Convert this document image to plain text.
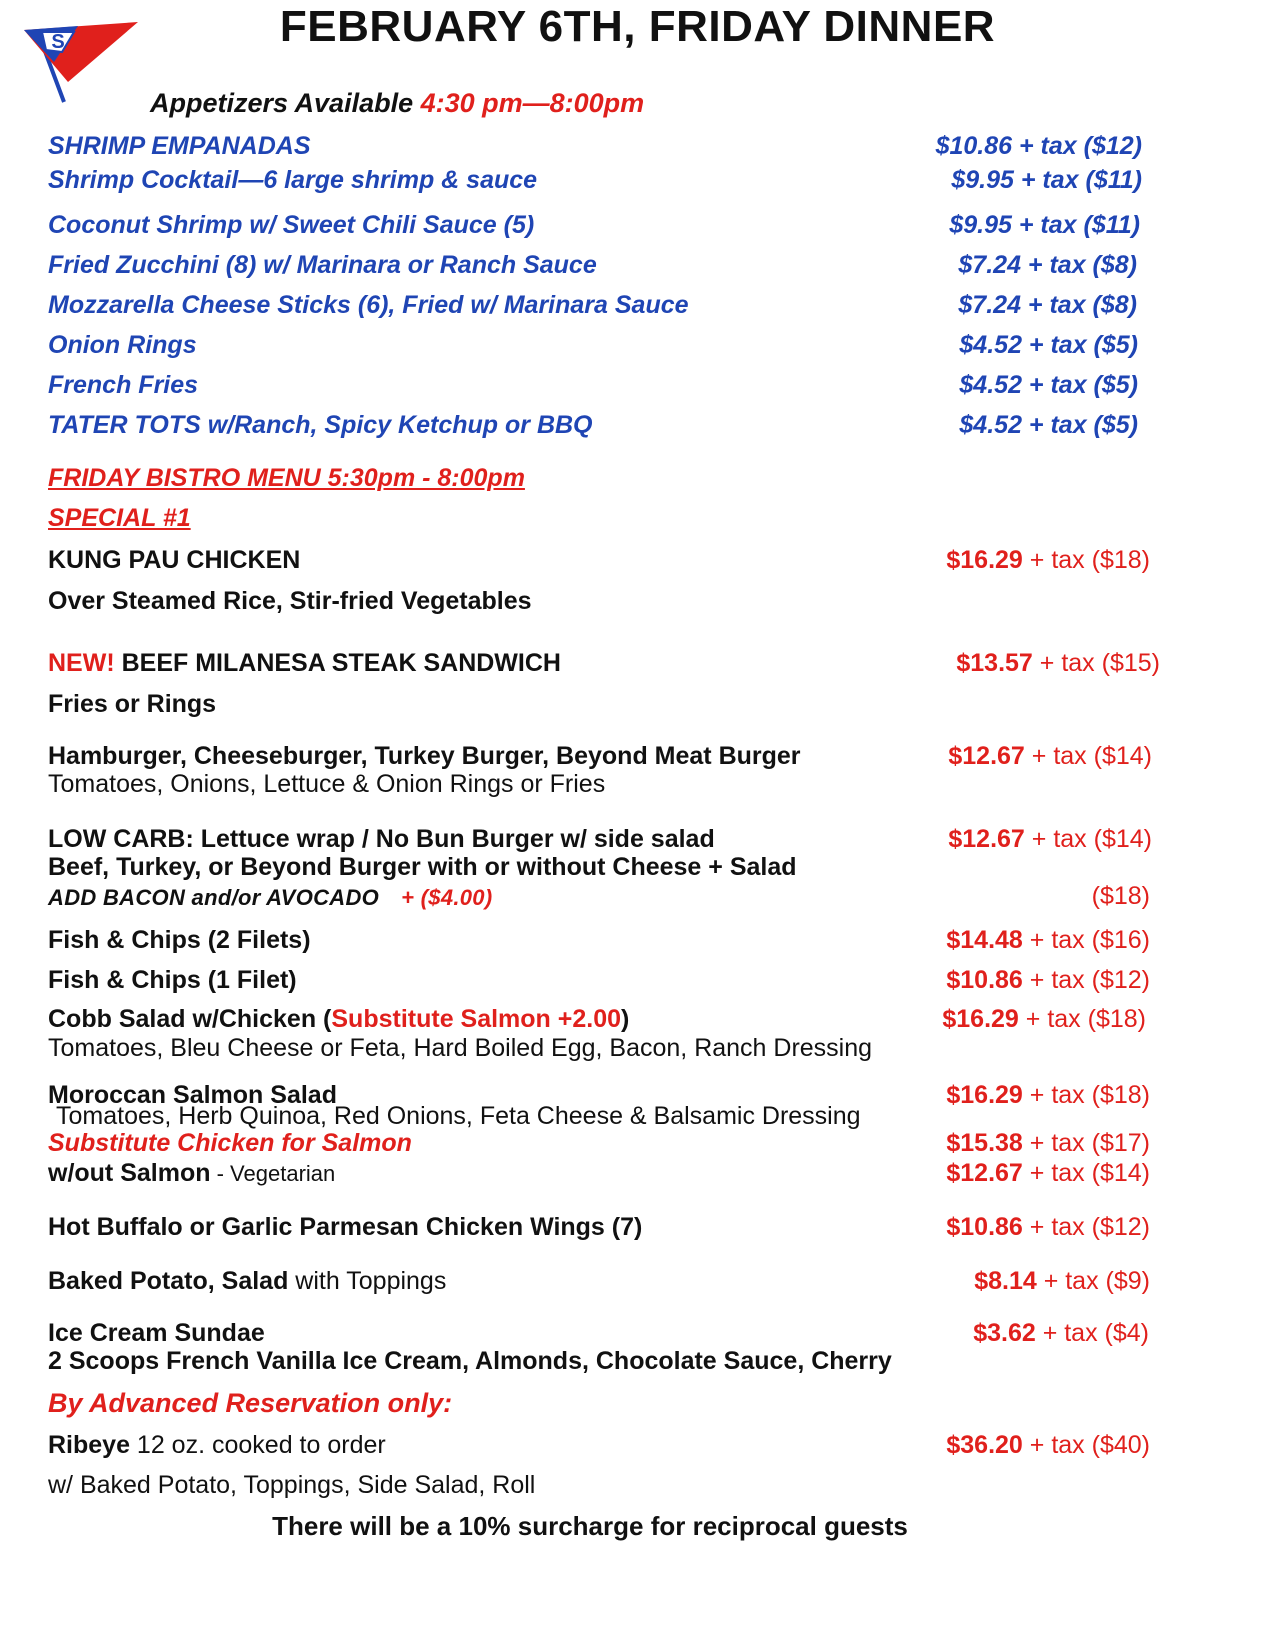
S	FEBRUARY 6TH, FRIDAY DINNER
Appetizers Available 4:30 pm—8:00pm
SHRIMP EMPANADAS	$10.86 + tax ($12)
Shrimp Cocktail—6 large shrimp & sauce	$9.95 + tax ($11)
Coconut Shrimp w/ Sweet Chili Sauce (5)	$9.95 + tax ($11)
Fried Zucchini (8) w/ Marinara or Ranch Sauce	$7.24 + tax ($8)
Mozzarella Cheese Sticks (6), Fried w/ Marinara Sauce	$7.24 + tax ($8)
Onion Rings	$4.52 + tax ($5)
French Fries	$4.52 + tax ($5)
TATER TOTS w/Ranch, Spicy Ketchup or BBQ	$4.52 + tax ($5)
FRIDAY BISTRO MENU 5:30pm - 8:00pm
SPECIAL #1
KUNG PAU CHICKEN	$16.29 + tax ($18)
Over Steamed Rice, Stir-fried Vegetables
NEW! BEEF MILANESA STEAK SANDWICH	$13.57 + tax ($15)
Fries or Rings
Hamburger, Cheeseburger, Turkey Burger, Beyond Meat Burger	$12.67 + tax ($14)
Tomatoes, Onions, Lettuce & Onion Rings or Fries
LOW CARB: Lettuce wrap / No Bun Burger w/ side salad	$12.67 + tax ($14)
Beef, Turkey, or Beyond Burger with or without Cheese + Salad
ADD BACON and/or AVOCADO + ($4.00)	($18)
Fish & Chips (2 Filets)	$14.48 + tax ($16)
Fish & Chips (1 Filet)	$10.86 + tax ($12)
Cobb Salad w/Chicken (Substitute Salmon +2.00)	$16.29 + tax ($18)
Tomatoes, Bleu Cheese or Feta, Hard Boiled Egg, Bacon, Ranch Dressing
Moroccan Salmon Salad	$16.29 + tax ($18)
Tomatoes, Herb Quinoa, Red Onions, Feta Cheese & Balsamic Dressing
Substitute Chicken for Salmon	$15.38 + tax ($17)
w/out Salmon - Vegetarian	$12.67 + tax ($14)
Hot Buffalo or Garlic Parmesan Chicken Wings (7)	$10.86 + tax ($12)
Baked Potato, Salad with Toppings	$8.14 + tax ($9)
Ice Cream Sundae	$3.62 + tax ($4)
2 Scoops French Vanilla Ice Cream, Almonds, Chocolate Sauce, Cherry
By Advanced Reservation only:
Ribeye 12 oz. cooked to order	$36.20 + tax ($40)
w/ Baked Potato, Toppings, Side Salad, Roll
There will be a 10% surcharge for reciprocal guests
